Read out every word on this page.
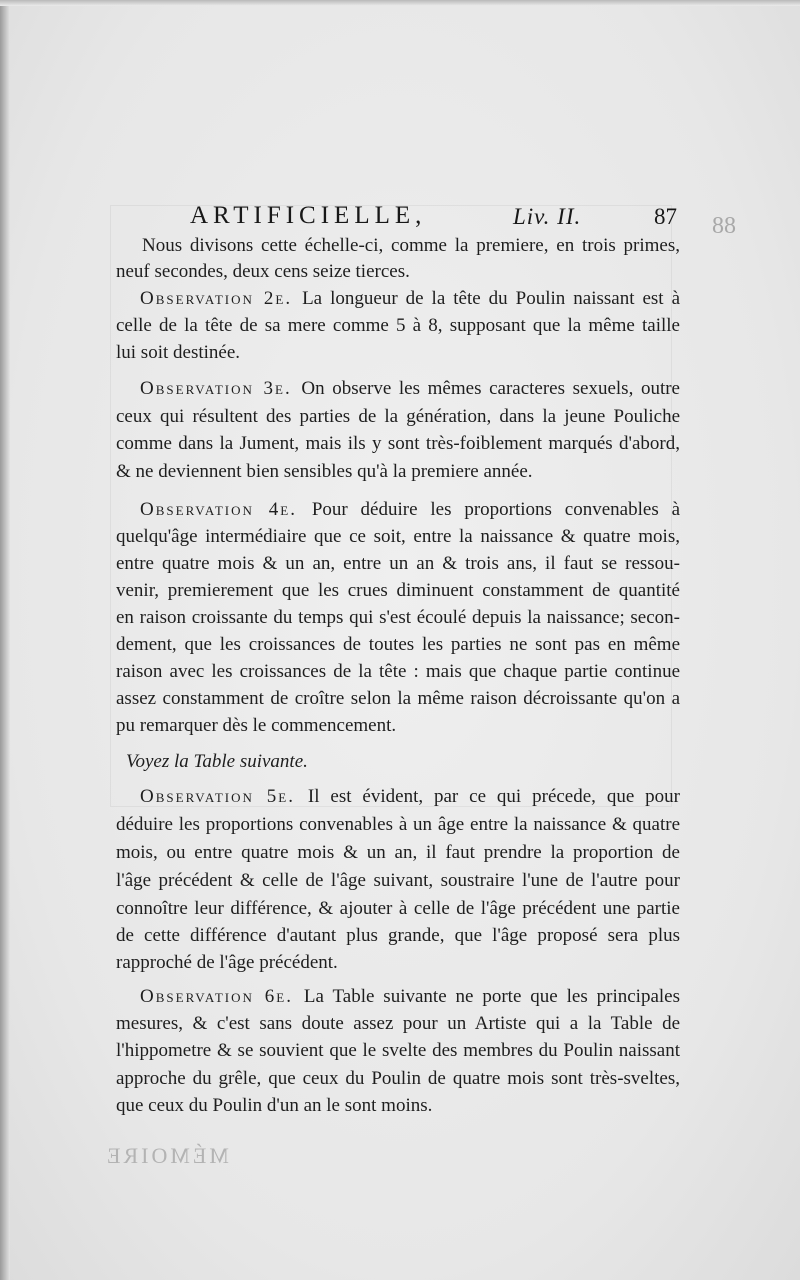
ARTIFICIELLE,	Liv. II.	87 88
Nous divisons cette échelle-ci, comme la premiere, en trois primes,
neuf secondes, deux cens seize tierces.
Observation 2e. La longueur de la tête du Poulin naissant est à
celle de la tête de sa mere comme 5 à 8, supposant que la même taille
lui soit destinée.
Observation 3e. On observe les mêmes caracteres sexuels, outre
ceux qui résultent des parties de la génération, dans la jeune Pouliche
comme dans la Jument, mais ils y sont très-foiblement marqués d'abord,
& ne deviennent bien sensibles qu'à la premiere année.
Observation 4e. Pour déduire les proportions convenables à
quelqu'âge intermédiaire que ce soit, entre la naissance & quatre mois,
entre quatre mois & un an, entre un an & trois ans, il faut se ressou-
venir, premierement que les crues diminuent constamment de quantité
en raison croissante du temps qui s'est écoulé depuis la naissance; secon-
dement, que les croissances de toutes les parties ne sont pas en même
raison avec les croissances de la tête : mais que chaque partie continue
assez constamment de croître selon la même raison décroissante qu'on a
pu remarquer dès le commencement.
Voyez la Table suivante.
Observation 5e. Il est évident, par ce qui précede, que pour
déduire les proportions convenables à un âge entre la naissance & quatre
mois, ou entre quatre mois & un an, il faut prendre la proportion de
l'âge précédent & celle de l'âge suivant, soustraire l'une de l'autre pour
connoître leur différence, & ajouter à celle de l'âge précédent une partie
de cette différence d'autant plus grande, que l'âge proposé sera plus
rapproché de l'âge précédent.
Observation 6e. La Table suivante ne porte que les principales
mesures, & c'est sans doute assez pour un Artiste qui a la Table de
l'hippometre & se souvient que le svelte des membres du Poulin naissant
approche du grêle, que ceux du Poulin de quatre mois sont très-sveltes,
que ceux du Poulin d'un an le sont moins.
MÉMOIRE
